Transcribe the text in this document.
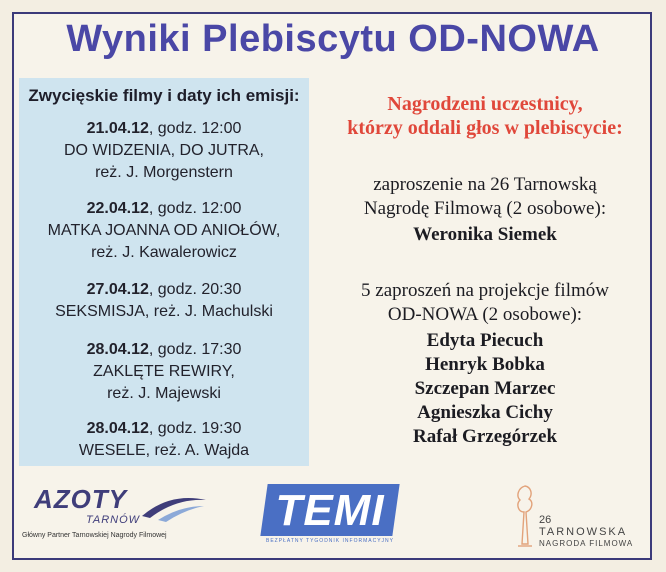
Wyniki Plebiscytu OD-NOWA
Zwycięskie filmy i daty ich emisji:
21.04.12, godz. 12:00
DO WIDZENIA, DO JUTRA,
reż. J. Morgenstern
22.04.12, godz. 12:00
MATKA JOANNA OD ANIOŁÓW,
reż. J. Kawalerowicz
27.04.12, godz. 20:30
SEKSMISJA, reż. J. Machulski
28.04.12, godz. 17:30
ZAKLĘTE REWIRY,
reż. J. Majewski
28.04.12, godz. 19:30
WESELE, reż. A. Wajda
Nagrodzeni uczestnicy,
którzy oddali głos w plebiscycie:
zaproszenie na 26 Tarnowską
Nagrodę Filmową (2 osobowe):
Weronika Siemek
5 zaproszeń na projekcje filmów
OD-NOWA (2 osobowe):
Edyta Piecuch
Henryk Bobka
Szczepan Marzec
Agnieszka Cichy
Rafał Grzegórzek
AZOTY
TARNÓW
Główny Partner Tarnowskiej Nagrody Filmowej
TEMI
BEZPŁATNY TYGODNIK INFORMACYJNY
26
TARNOWSKA
NAGRODA FILMOWA
